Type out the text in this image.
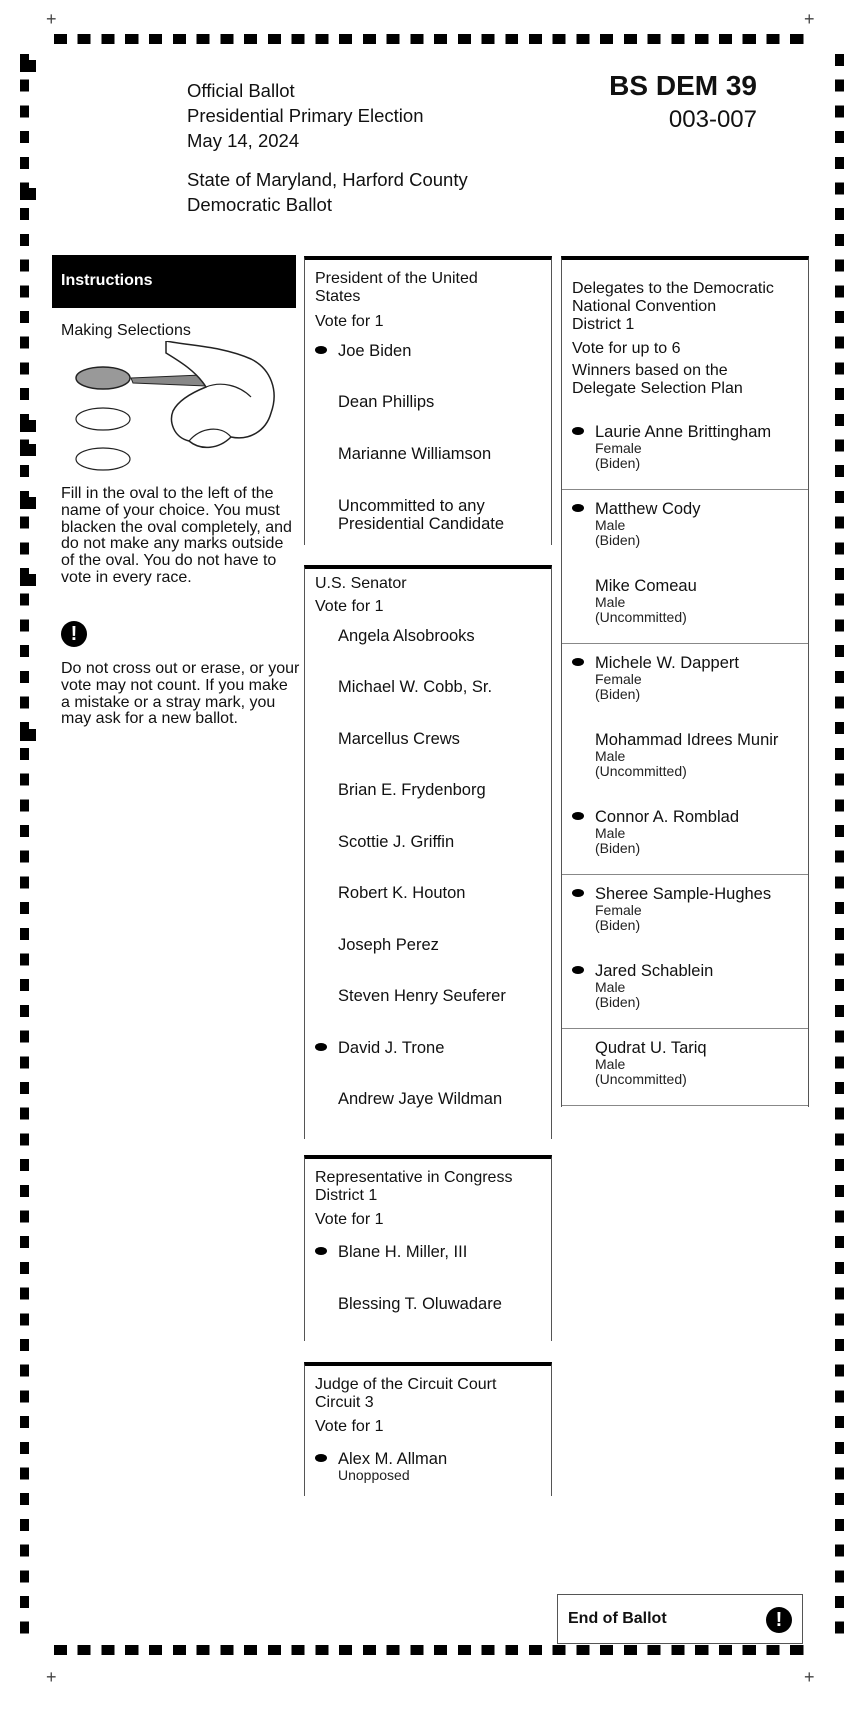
+	+
+	+
Official Ballot
Presidential Primary Election
May 14, 2024
State of Maryland, Harford County
Democratic Ballot
BS DEM 39
003-007
Instructions
Making Selections
Fill in the oval to the left of the name of your choice. You must blacken the oval completely, and do not make any marks outside of the oval. You do not have to vote in every race.
!
Do not cross out or erase, or your vote may not count. If you make a mistake or a stray mark, you may ask for a new ballot.
President of the United
States
Vote for 1
Joe Biden
Dean Phillips
Marianne Williamson
Uncommitted to any
Presidential Candidate
U.S. Senator
Vote for 1
Angela Alsobrooks
Michael W. Cobb, Sr.
Marcellus Crews
Brian E. Frydenborg
Scottie J. Griffin
Robert K. Houton
Joseph Perez
Steven Henry Seuferer
David J. Trone
Andrew Jaye Wildman
Representative in Congress
District 1
Vote for 1
Blane H. Miller, III
Blessing T. Oluwadare
Judge of the Circuit Court
Circuit 3
Vote for 1
Alex M. Allman
Unopposed
Delegates to the Democratic
National Convention
District 1
Vote for up to 6
Winners based on the
Delegate Selection Plan
Laurie Anne Brittingham
Female
(Biden)
Matthew Cody
Male
(Biden)
Mike Comeau
Male
(Uncommitted)
Michele W. Dappert
Female
(Biden)
Mohammad Idrees Munir
Male
(Uncommitted)
Connor A. Romblad
Male
(Biden)
Sheree Sample-Hughes
Female
(Biden)
Jared Schablein
Male
(Biden)
Qudrat U. Tariq
Male
(Uncommitted)
End of Ballot	!
